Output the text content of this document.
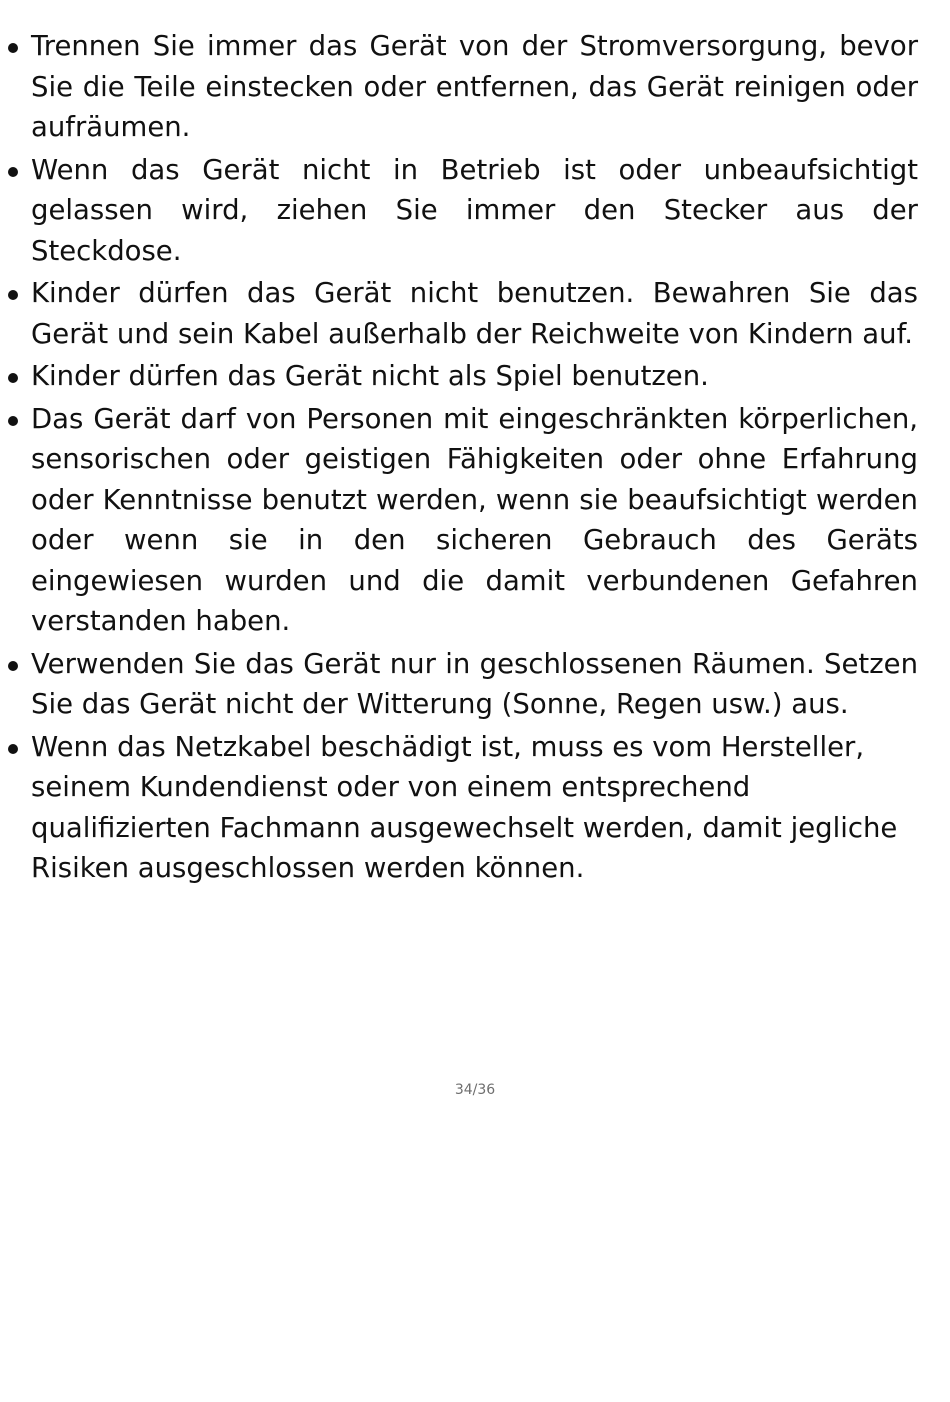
Trennen Sie immer das Gerät von der Stromversorgung, bevor Sie die Teile einstecken oder entfernen, das Gerät reinigen oder aufräumen.
Wenn das Gerät nicht in Betrieb ist oder unbeaufsichtigt gelassen wird, ziehen Sie immer den Stecker aus der Steckdose.
Kinder dürfen das Gerät nicht benutzen. Bewahren Sie das Gerät und sein Kabel außerhalb der Reichweite von Kindern auf.
Kinder dürfen das Gerät nicht als Spiel benutzen.
Das Gerät darf von Personen mit eingeschränkten körperlichen, sensorischen oder geistigen Fähigkeiten oder ohne Erfahrung oder Kenntnisse benutzt werden, wenn sie beaufsichtigt werden oder wenn sie in den sicheren Gebrauch des Geräts eingewiesen wurden und die damit verbundenen Gefahren verstanden haben.
Verwenden Sie das Gerät nur in geschlossenen Räumen. Setzen Sie das Gerät nicht der Witterung (Sonne, Regen usw.) aus.
Wenn das Netzkabel beschädigt ist, muss es vom Hersteller, seinem Kundendienst oder von einem entsprechend qualifizierten Fachmann ausgewechselt werden, damit jegliche Risiken ausgeschlossen werden können.
34/36
